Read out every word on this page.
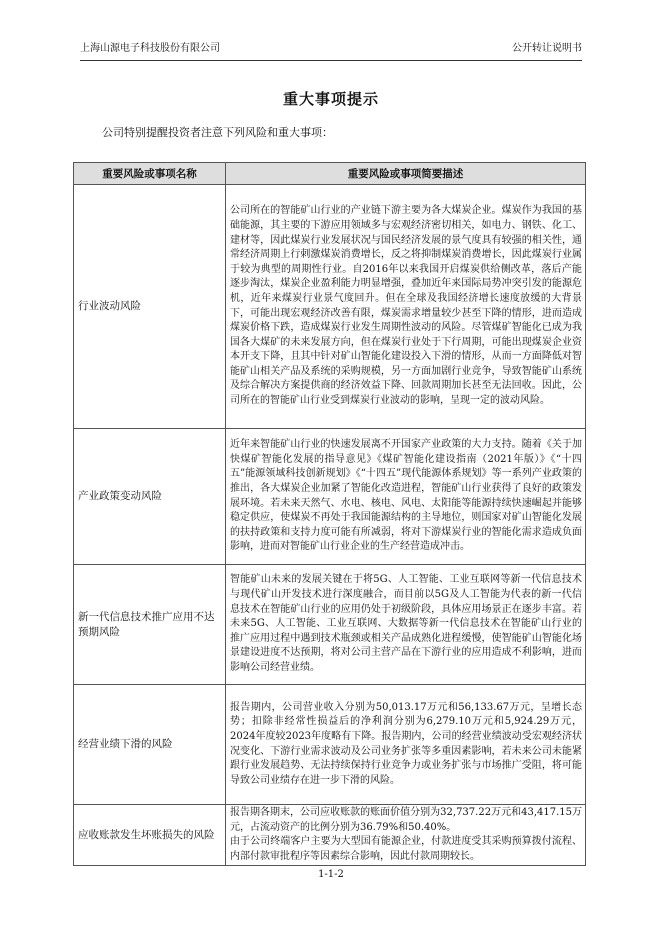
上海山源电子科技股份有限公司	公开转让说明书
重大事项提示
公司特别提醒投资者注意下列风险和重大事项：
重要风险或事项名称	重要风险或事项简要描述
行业波动风险	公司所在的智能矿山行业的产业链下游主要为各大煤炭企业。煤炭作为我国的基础能源，其主要的下游应用领域多与宏观经济密切相关，如电力、钢铁、化工、建材等，因此煤炭行业发展状况与国民经济发展的景气度具有较强的相关性，通常经济周期上行刺激煤炭消费增长，反之将抑制煤炭消费增长，因此煤炭行业属于较为典型的周期性行业。自2016年以来我国开启煤炭供给侧改革，落后产能逐步淘汰，煤炭企业盈利能力明显增强，叠加近年来国际局势冲突引发的能源危机，近年来煤炭行业景气度回升。但在全球及我国经济增长速度放缓的大背景下，可能出现宏观经济改善有限，煤炭需求增量较少甚至下降的情形，进而造成煤炭价格下跌，造成煤炭行业发生周期性波动的风险。尽管煤矿智能化已成为我国各大煤矿的未来发展方向，但在煤炭行业处于下行周期，可能出现煤炭企业资本开支下降，且其中针对矿山智能化建设投入下滑的情形，从而一方面降低对智能矿山相关产品及系统的采购规模，另一方面加剧行业竞争，导致智能矿山系统及综合解决方案提供商的经济效益下降、回款周期加长甚至无法回收。因此，公司所在的智能矿山行业受到煤炭行业波动的影响，呈现一定的波动风险。

产业政策变动风险	近年来智能矿山行业的快速发展离不开国家产业政策的大力支持。随着《关于加快煤矿智能化发展的指导意见》《煤矿智能化建设指南（2021年版）》《“十四五”能源领域科技创新规划》《“十四五”现代能源体系规划》等一系列产业政策的推出，各大煤炭企业加紧了智能化改造进程，智能矿山行业获得了良好的政策发展环境。若未来天然气、水电、核电、风电、太阳能等能源持续快速崛起并能够稳定供应，使煤炭不再处于我国能源结构的主导地位，则国家对矿山智能化发展的扶持政策和支持力度可能有所减弱，将对下游煤炭行业的智能化需求造成负面影响，进而对智能矿山行业企业的生产经营造成冲击。

新一代信息技术推广应用不达预期风险	智能矿山未来的发展关键在于将5G、人工智能、工业互联网等新一代信息技术与现代矿山开发技术进行深度融合，而目前以5G及人工智能为代表的新一代信息技术在智能矿山行业的应用仍处于初级阶段，具体应用场景正在逐步丰富。若未来5G、人工智能、工业互联网、大数据等新一代信息技术在智能矿山行业的推广应用过程中遇到技术瓶颈或相关产品成熟化进程缓慢，使智能矿山智能化场景建设进度不达预期，将对公司主营产品在下游行业的应用造成不利影响，进而影响公司经营业绩。

经营业绩下滑的风险	报告期内，公司营业收入分别为50,013.17万元和56,133.67万元，呈增长态势；扣除非经常性损益后的净利润分别为6,279.10万元和5,924.29万元，2024年度较2023年度略有下降。报告期内，公司的经营业绩波动受宏观经济状况变化、下游行业需求波动及公司业务扩张等多重因素影响，若未来公司未能紧跟行业发展趋势、无法持续保持行业竞争力或业务扩张与市场推广受阻，将可能导致公司业绩存在进一步下滑的风险。

应收账款发生坏账损失的风险	报告期各期末，公司应收账款的账面价值分别为32,737.22万元和43,417.15万元，占流动资产的比例分别为36.79%和50.40%。

由于公司终端客户主要为大型国有能源企业，付款进度受其采购预算拨付流程、内部付款审批程序等因素综合影响，因此付款周期较长。

1-1-2
